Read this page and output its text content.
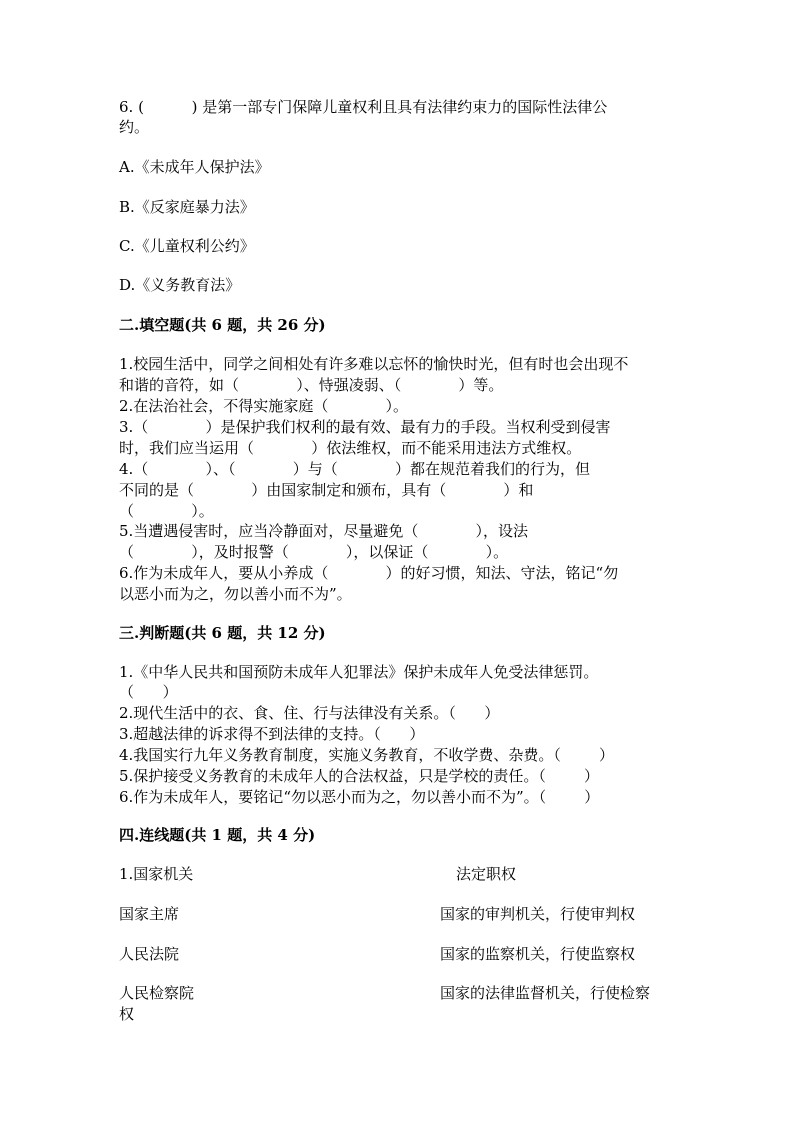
6. (          ) 是第一部专门保障儿童权利且具有法律约束力的国际性法律公
约。
A.《未成年人保护法》
B.《反家庭暴力法》
C.《儿童权利公约》
D.《义务教育法》
二.填空题(共 6 题，共 26 分)
1.校园生活中，同学之间相处有许多难以忘怀的愉快时光，但有时也会出现不
和谐的音符，如（            ）、恃强凌弱、（            ）等。
2.在法治社会，不得实施家庭（            ）。
3.（            ）是保护我们权利的最有效、最有力的手段。当权利受到侵害
时，我们应当运用（            ）依法维权，而不能采用违法方式维权。
4.（            ）、（            ）与（            ）都在规范着我们的行为，但
不同的是（            ）由国家制定和颁布，具有（            ）和
（            ）。
5.当遭遇侵害时，应当冷静面对，尽量避免（            ），设法
（            ），及时报警（            ），以保证（            ）。
6.作为未成年人，要从小养成（            ）的好习惯，知法、守法，铭记“勿
以恶小而为之，勿以善小而不为”。
三.判断题(共 6 题，共 12 分)
1.《中华人民共和国预防未成年人犯罪法》保护未成年人免受法律惩罚。
（      ）
2.现代生活中的衣、食、住、行与法律没有关系。（      ）
3.超越法律的诉求得不到法律的支持。（      ）
4.我国实行九年义务教育制度，实施义务教育，不收学费、杂费。（        ）
5.保护接受义务教育的未成年人的合法权益，只是学校的责任。（        ）
6.作为未成年人，要铭记“勿以恶小而为之，勿以善小而不为”。（        ）
四.连线题(共 1 题，共 4 分)
1.国家机关	法定职权
国家主席	国家的审判机关，行使审判权
人民法院	国家的监察机关，行使监察权
人民检察院	国家的法律监督机关，行使检察
权
